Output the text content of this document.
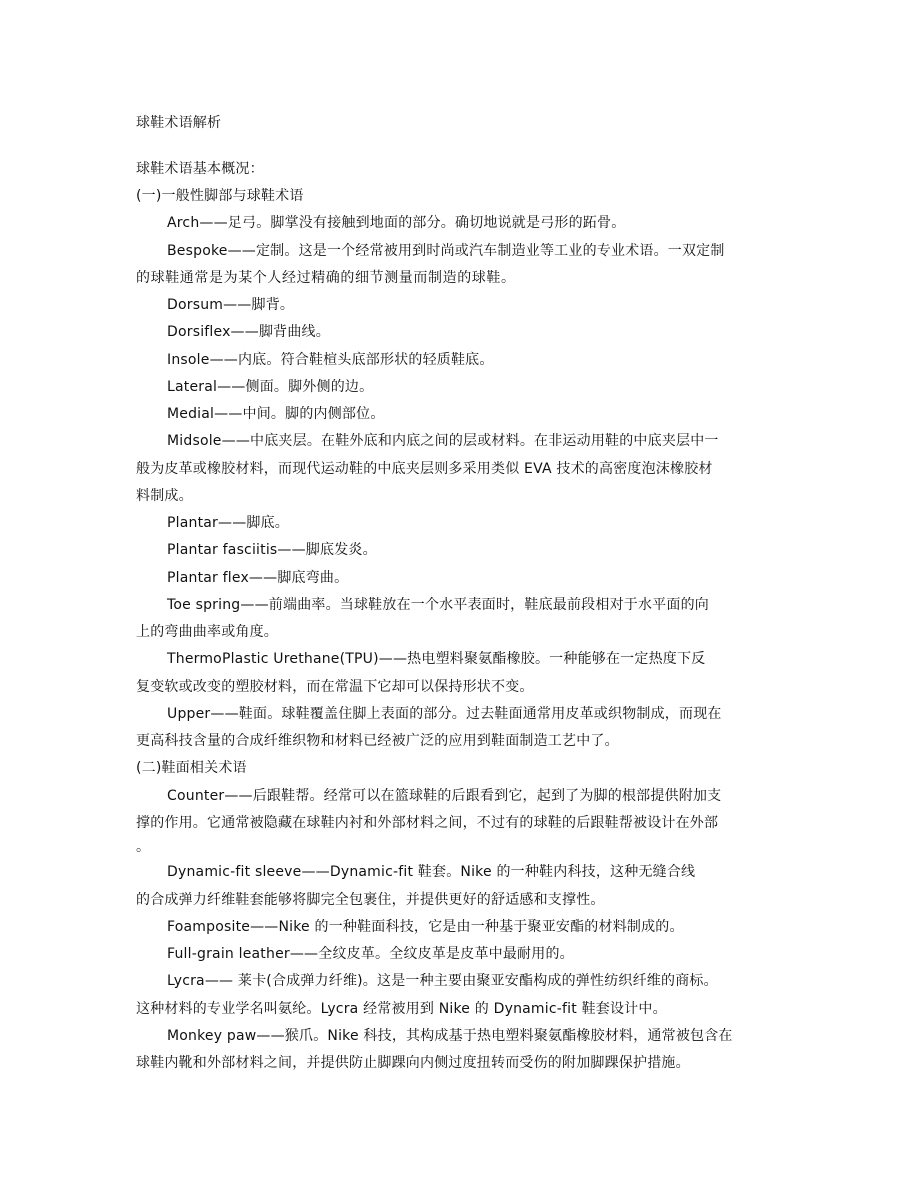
球鞋术语解析
球鞋术语基本概况：
(一)一般性脚部与球鞋术语
Arch——足弓。脚掌没有接触到地面的部分。确切地说就是弓形的跖骨。
Bespoke——定制。这是一个经常被用到时尚或汽车制造业等工业的专业术语。一双定制
的球鞋通常是为某个人经过精确的细节测量而制造的球鞋。
Dorsum——脚背。
Dorsiflex——脚背曲线。
Insole——内底。符合鞋楦头底部形状的轻质鞋底。
Lateral——侧面。脚外侧的边。
Medial——中间。脚的内侧部位。
Midsole——中底夹层。在鞋外底和内底之间的层或材料。在非运动用鞋的中底夹层中一
般为皮革或橡胶材料，而现代运动鞋的中底夹层则多采用类似 EVA 技术的高密度泡沫橡胶材
料制成。
Plantar——脚底。
Plantar fasciitis——脚底发炎。
Plantar flex——脚底弯曲。
Toe spring——前端曲率。当球鞋放在一个水平表面时，鞋底最前段相对于水平面的向
上的弯曲曲率或角度。
ThermoPlastic Urethane(TPU)——热电塑料聚氨酯橡胶。一种能够在一定热度下反
复变软或改变的塑胶材料，而在常温下它却可以保持形状不变。
Upper——鞋面。球鞋覆盖住脚上表面的部分。过去鞋面通常用皮革或织物制成，而现在
更高科技含量的合成纤维织物和材料已经被广泛的应用到鞋面制造工艺中了。
(二)鞋面相关术语
Counter——后跟鞋帮。经常可以在篮球鞋的后跟看到它，起到了为脚的根部提供附加支
撑的作用。它通常被隐藏在球鞋内衬和外部材料之间，不过有的球鞋的后跟鞋帮被设计在外部
。
Dynamic-fit sleeve——Dynamic-fit 鞋套。Nike 的一种鞋内科技，这种无缝合线
的合成弹力纤维鞋套能够将脚完全包裹住，并提供更好的舒适感和支撑性。
Foamposite——Nike 的一种鞋面科技，它是由一种基于聚亚安酯的材料制成的。
Full-grain leather——全纹皮革。全纹皮革是皮革中最耐用的。
Lycra—— 莱卡(合成弹力纤维)。这是一种主要由聚亚安酯构成的弹性纺织纤维的商标。
这种材料的专业学名叫氨纶。Lycra 经常被用到 Nike 的 Dynamic-fit 鞋套设计中。
Monkey paw——猴爪。Nike 科技，其构成基于热电塑料聚氨酯橡胶材料，通常被包含在
球鞋内靴和外部材料之间，并提供防止脚踝向内侧过度扭转而受伤的附加脚踝保护措施。
